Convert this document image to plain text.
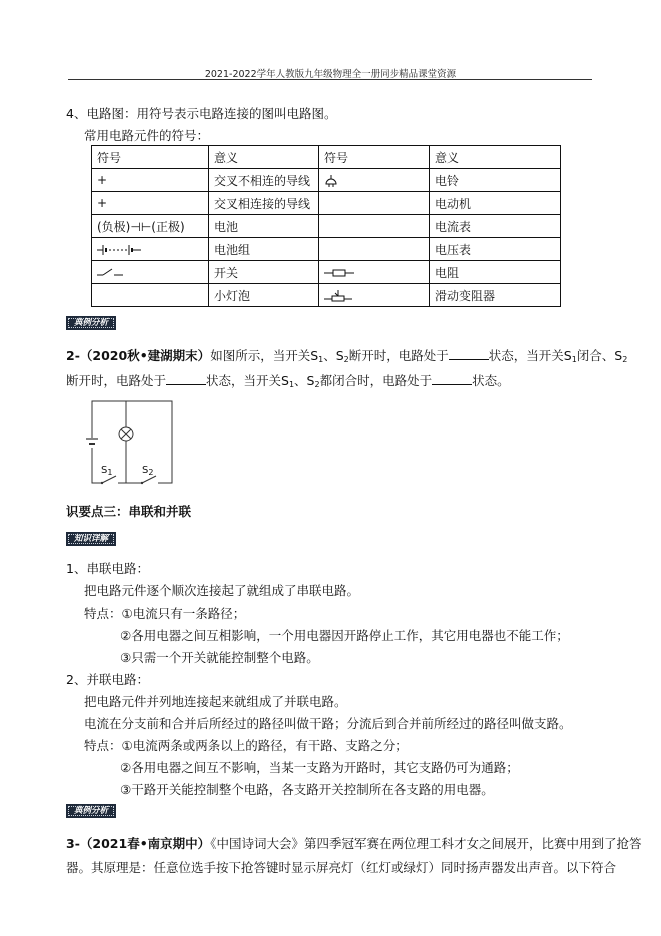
2021-2022学年人教版九年级物理全一册同步精品课堂资源
4、电路图：用符号表示电路连接的图叫电路图。
常用电路元件的符号：
符号	意义	符号	意义
+	交叉不相连的导线		电铃
+	交叉相连接的导线		电动机
(负极)⊣⊢(正极)	电池		电流表
	电池组		电压表
	开关		电阻
	小灯泡		滑动变阻器
典例分析
2-（2020秋•建湖期末）如图所示，当开关$S_1$、$S_2$断开时，电路处于	状态，当开关$S_1$闭合、$S_2$
断开时，电路处于	状态，当开关$S_1$、$S_2$都闭合时，电路处于	状态。
$S_1$	$S_2$
识要点三：串联和并联
知识详解
1、串联电路：
把电路元件逐个顺次连接起了就组成了串联电路。
特点：①电流只有一条路径；
②各用电器之间互相影响，一个用电器因开路停止工作，其它用电器也不能工作；
③只需一个开关就能控制整个电路。
2、并联电路：
把电路元件并列地连接起来就组成了并联电路。
电流在分支前和合并后所经过的路径叫做干路；分流后到合并前所经过的路径叫做支路。
特点：①电流两条或两条以上的路径，有干路、支路之分；
②各用电器之间互不影响，当某一支路为开路时，其它支路仍可为通路；
③干路开关能控制整个电路，各支路开关控制所在各支路的用电器。
典例分析
3-（2021春•南京期中）《中国诗词大会》第四季冠军赛在两位理工科才女之间展开，比赛中用到了抢答
器。其原理是：任意位选手按下抢答键时显示屏亮灯（红灯或绿灯）同时扬声器发出声音。以下符合
